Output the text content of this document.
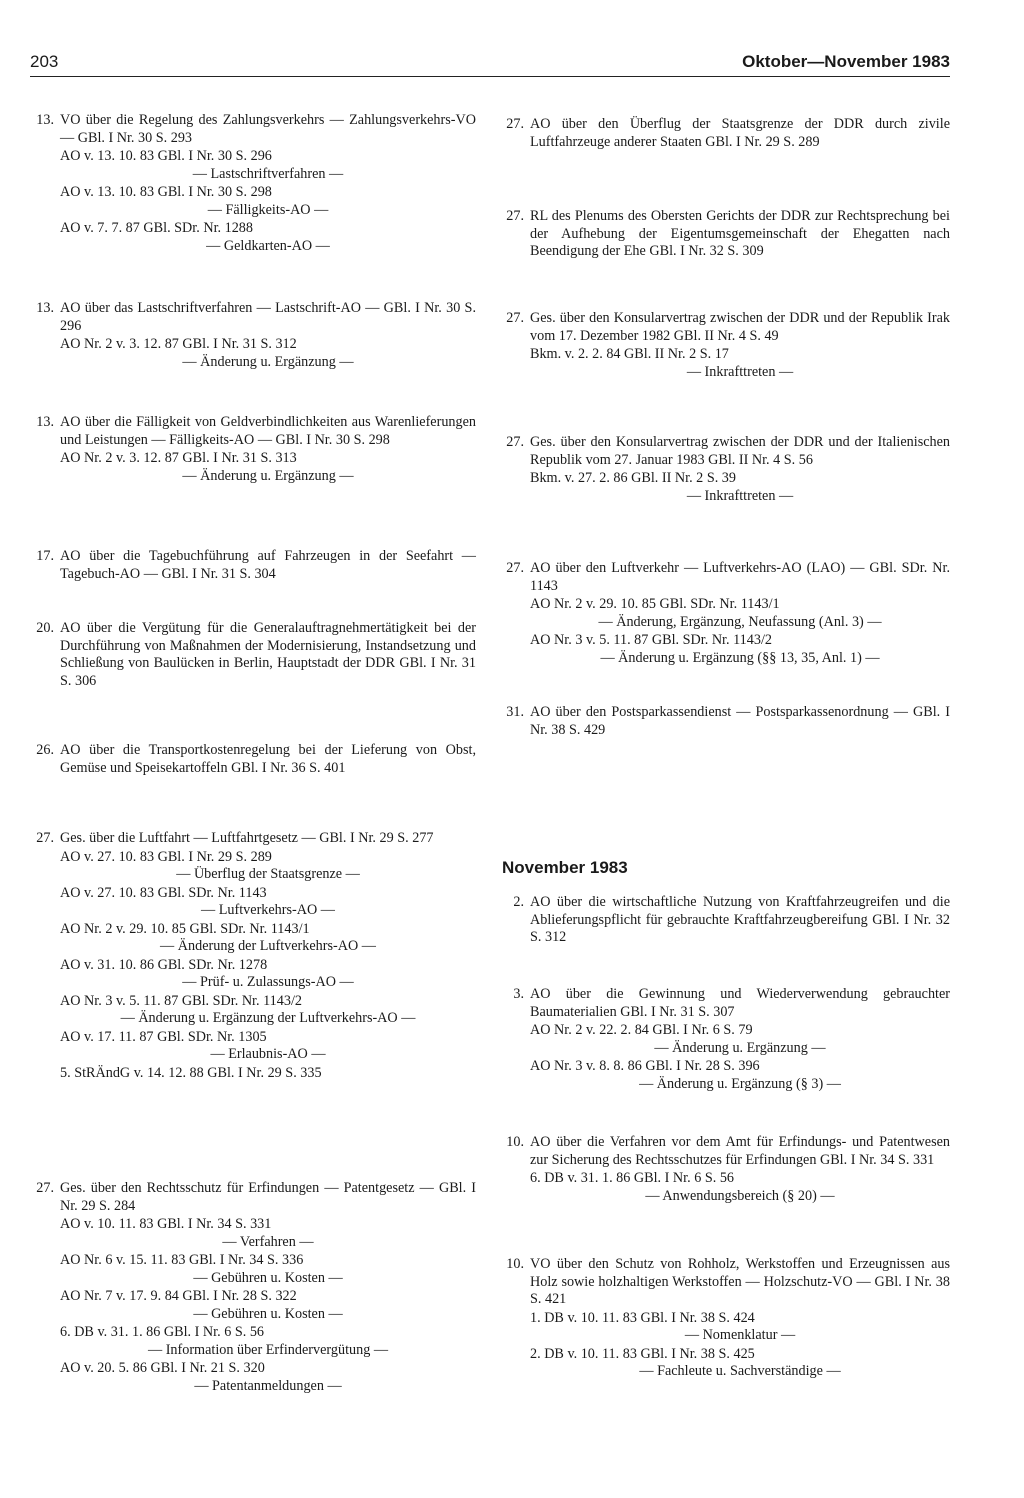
203	Oktober—November 1983
13. VO über die Regelung des Zahlungsverkehrs — Zahlungsverkehrs-VO — GBl. I Nr. 30 S. 293
AO v. 13. 10. 83 GBl. I Nr. 30 S. 296
— Lastschriftverfahren —
AO v. 13. 10. 83 GBl. I Nr. 30 S. 298
— Fälligkeits-AO —
AO v. 7. 7. 87 GBl. SDr. Nr. 1288
— Geldkarten-AO —
13. AO über das Lastschriftverfahren — Lastschrift-AO — GBl. I Nr. 30 S. 296
AO Nr. 2 v. 3. 12. 87 GBl. I Nr. 31 S. 312
— Änderung u. Ergänzung —
13. AO über die Fälligkeit von Geldverbindlichkeiten aus Warenlieferungen und Leistungen — Fälligkeits-AO — GBl. I Nr. 30 S. 298
AO Nr. 2 v. 3. 12. 87 GBl. I Nr. 31 S. 313
— Änderung u. Ergänzung —
17. AO über die Tagebuchführung auf Fahrzeugen in der Seefahrt — Tagebuch-AO — GBl. I Nr. 31 S. 304
20. AO über die Vergütung für die Generalauftragnehmertätigkeit bei der Durchführung von Maßnahmen der Modernisierung, Instandsetzung und Schließung von Baulücken in Berlin, Hauptstadt der DDR GBl. I Nr. 31 S. 306
26. AO über die Transportkostenregelung bei der Lieferung von Obst, Gemüse und Speisekartoffeln GBl. I Nr. 36 S. 401
27. Ges. über die Luftfahrt — Luftfahrtgesetz — GBl. I Nr. 29 S. 277
AO v. 27. 10. 83 GBl. I Nr. 29 S. 289
— Überflug der Staatsgrenze —
AO v. 27. 10. 83 GBl. SDr. Nr. 1143
— Luftverkehrs-AO —
AO Nr. 2 v. 29. 10. 85 GBl. SDr. Nr. 1143/1
— Änderung der Luftverkehrs-AO —
AO v. 31. 10. 86 GBl. SDr. Nr. 1278
— Prüf- u. Zulassungs-AO —
AO Nr. 3 v. 5. 11. 87 GBl. SDr. Nr. 1143/2
— Änderung u. Ergänzung der Luftverkehrs-AO —
AO v. 17. 11. 87 GBl. SDr. Nr. 1305
— Erlaubnis-AO —
5. StRÄndG v. 14. 12. 88 GBl. I Nr. 29 S. 335
27. Ges. über den Rechtsschutz für Erfindungen — Patentgesetz — GBl. I Nr. 29 S. 284
AO v. 10. 11. 83 GBl. I Nr. 34 S. 331
— Verfahren —
AO Nr. 6 v. 15. 11. 83 GBl. I Nr. 34 S. 336
— Gebühren u. Kosten —
AO Nr. 7 v. 17. 9. 84 GBl. I Nr. 28 S. 322
— Gebühren u. Kosten —
6. DB v. 31. 1. 86 GBl. I Nr. 6 S. 56
— Information über Erfindervergütung —
AO v. 20. 5. 86 GBl. I Nr. 21 S. 320
— Patentanmeldungen —
27. AO über den Überflug der Staatsgrenze der DDR durch zivile Luftfahrzeuge anderer Staaten GBl. I Nr. 29 S. 289
27. RL des Plenums des Obersten Gerichts der DDR zur Rechtsprechung bei der Aufhebung der Eigentumsgemeinschaft der Ehegatten nach Beendigung der Ehe GBl. I Nr. 32 S. 309
27. Ges. über den Konsularvertrag zwischen der DDR und der Republik Irak vom 17. Dezember 1982 GBl. II Nr. 4 S. 49
Bkm. v. 2. 2. 84 GBl. II Nr. 2 S. 17
— Inkrafttreten —
27. Ges. über den Konsularvertrag zwischen der DDR und der Italienischen Republik vom 27. Januar 1983 GBl. II Nr. 4 S. 56
Bkm. v. 27. 2. 86 GBl. II Nr. 2 S. 39
— Inkrafttreten —
27. AO über den Luftverkehr — Luftverkehrs-AO (LAO) — GBl. SDr. Nr. 1143
AO Nr. 2 v. 29. 10. 85 GBl. SDr. Nr. 1143/1
— Änderung, Ergänzung, Neufassung (Anl. 3) —
AO Nr. 3 v. 5. 11. 87 GBl. SDr. Nr. 1143/2
— Änderung u. Ergänzung (§§ 13, 35, Anl. 1) —
31. AO über den Postsparkassendienst — Postsparkassenordnung — GBl. I Nr. 38 S. 429
November 1983
2. AO über die wirtschaftliche Nutzung von Kraftfahrzeugreifen und die Ablieferungspflicht für gebrauchte Kraftfahrzeugbereifung GBl. I Nr. 32 S. 312
3. AO über die Gewinnung und Wiederverwendung gebrauchter Baumaterialien GBl. I Nr. 31 S. 307
AO Nr. 2 v. 22. 2. 84 GBl. I Nr. 6 S. 79
— Änderung u. Ergänzung —
AO Nr. 3 v. 8. 8. 86 GBl. I Nr. 28 S. 396
— Änderung u. Ergänzung (§ 3) —
10. AO über die Verfahren vor dem Amt für Erfindungs- und Patentwesen zur Sicherung des Rechtsschutzes für Erfindungen GBl. I Nr. 34 S. 331
6. DB v. 31. 1. 86 GBl. I Nr. 6 S. 56
— Anwendungsbereich (§ 20) —
10. VO über den Schutz von Rohholz, Werkstoffen und Erzeugnissen aus Holz sowie holzhaltigen Werkstoffen — Holzschutz-VO — GBl. I Nr. 38 S. 421
1. DB v. 10. 11. 83 GBl. I Nr. 38 S. 424
— Nomenklatur —
2. DB v. 10. 11. 83 GBl. I Nr. 38 S. 425
— Fachleute u. Sachverständige —
